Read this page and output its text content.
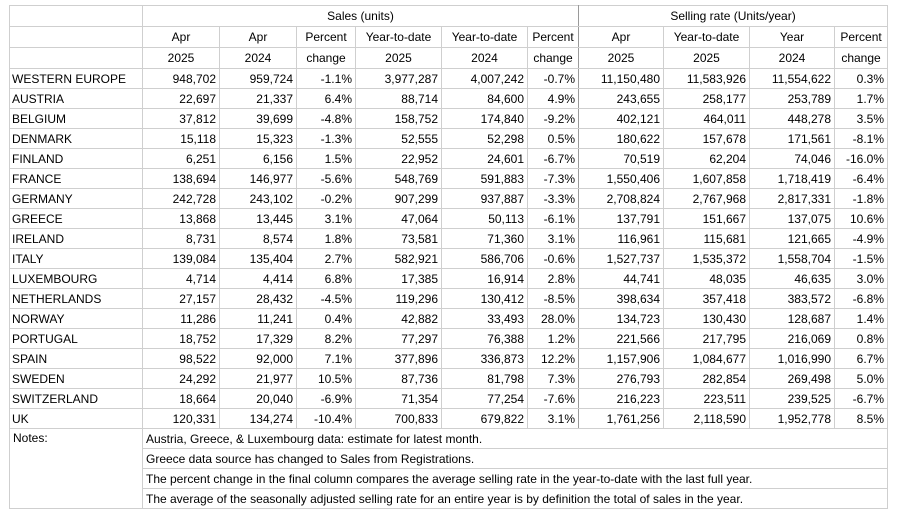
	Sales (units)						Selling rate (Units/year)			
	Apr	Apr	Percent	Year-to-date	Year-to-date	Percent	Apr	Year-to-date	Year	Percent
	2025	2024	change	2025	2024	change	2025	2025	2024	change
WESTERN EUROPE	948,702	959,724	-1.1%	3,977,287	4,007,242	-0.7%	11,150,480	11,583,926	11,554,622	0.3%
AUSTRIA	22,697	21,337	6.4%	88,714	84,600	4.9%	243,655	258,177	253,789	1.7%
BELGIUM	37,812	39,699	-4.8%	158,752	174,840	-9.2%	402,121	464,011	448,278	3.5%
DENMARK	15,118	15,323	-1.3%	52,555	52,298	0.5%	180,622	157,678	171,561	-8.1%
FINLAND	6,251	6,156	1.5%	22,952	24,601	-6.7%	70,519	62,204	74,046	-16.0%
FRANCE	138,694	146,977	-5.6%	548,769	591,883	-7.3%	1,550,406	1,607,858	1,718,419	-6.4%
GERMANY	242,728	243,102	-0.2%	907,299	937,887	-3.3%	2,708,824	2,767,968	2,817,331	-1.8%
GREECE	13,868	13,445	3.1%	47,064	50,113	-6.1%	137,791	151,667	137,075	10.6%
IRELAND	8,731	8,574	1.8%	73,581	71,360	3.1%	116,961	115,681	121,665	-4.9%
ITALY	139,084	135,404	2.7%	582,921	586,706	-0.6%	1,527,737	1,535,372	1,558,704	-1.5%
LUXEMBOURG	4,714	4,414	6.8%	17,385	16,914	2.8%	44,741	48,035	46,635	3.0%
NETHERLANDS	27,157	28,432	-4.5%	119,296	130,412	-8.5%	398,634	357,418	383,572	-6.8%
NORWAY	11,286	11,241	0.4%	42,882	33,493	28.0%	134,723	130,430	128,687	1.4%
PORTUGAL	18,752	17,329	8.2%	77,297	76,388	1.2%	221,566	217,795	216,069	0.8%
SPAIN	98,522	92,000	7.1%	377,896	336,873	12.2%	1,157,906	1,084,677	1,016,990	6.7%
SWEDEN	24,292	21,977	10.5%	87,736	81,798	7.3%	276,793	282,854	269,498	5.0%
SWITZERLAND	18,664	20,040	-6.9%	71,354	77,254	-7.6%	216,223	223,511	239,525	-6.7%
UK	120,331	134,274	-10.4%	700,833	679,822	3.1%	1,761,256	2,118,590	1,952,778	8.5%
Notes:	Austria, Greece, & Luxembourg data: estimate for latest month.									
	Greece data source has changed to Sales from Registrations.									
	The percent change in the final column compares the average selling rate in the year-to-date with the last full year.									
	The average of the seasonally adjusted selling rate for an entire year is by definition the total of sales in the year.									
